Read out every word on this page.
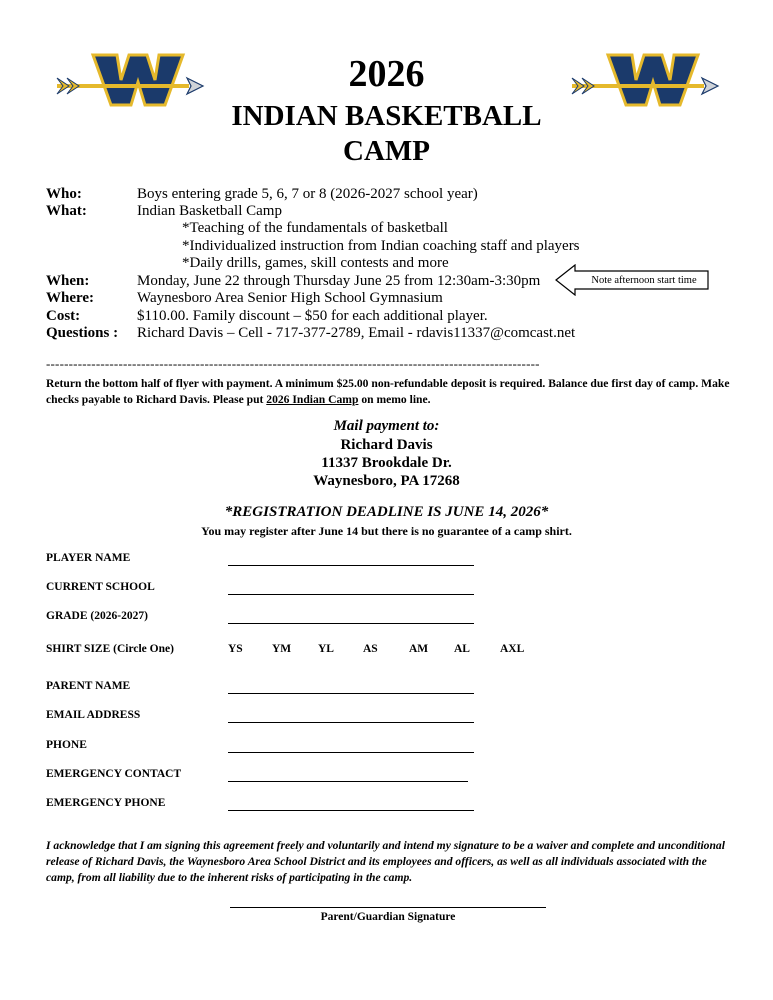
2026
INDIAN BASKETBALL
CAMP
Who:	Boys entering grade 5, 6, 7 or 8 (2026-2027 school year)
What:	Indian Basketball Camp
*Teaching of the fundamentals of basketball
*Individualized instruction from Indian coaching staff and players
*Daily drills, games, skill contests and more
When:	Monday, June 22 through Thursday June 25 from 12:30am-3:30pm
Where:	Waynesboro Area Senior High School Gymnasium
Cost:	$110.00. Family discount – $50 for each additional player.
Questions : Richard Davis – Cell - 717-377-2789, Email - rdavis11337@comcast.net
Note afternoon start time
-------------------------------------------------------------------------------------------------------------
Return the bottom half of flyer with payment. A minimum $25.00 non-refundable deposit is required. Balance due first day of camp. Make checks payable to Richard Davis. Please put 2026 Indian Camp on memo line.
Mail payment to:
Richard Davis
11337 Brookdale Dr.
Waynesboro, PA 17268
*REGISTRATION DEADLINE IS JUNE 14, 2026*
You may register after June 14 but there is no guarantee of a camp shirt.
PLAYER NAME
CURRENT SCHOOL
GRADE (2026-2027)
SHIRT SIZE (Circle One)	YS	YM YL	AS	AM AL	AXL
PARENT NAME
EMAIL ADDRESS
PHONE
EMERGENCY CONTACT
EMERGENCY PHONE
I acknowledge that I am signing this agreement freely and voluntarily and intend my signature to be a waiver and complete and unconditional release of Richard Davis, the Waynesboro Area School District and its employees and officers, as well as all individuals associated with the camp, from all liability due to the inherent risks of participating in the camp.
Parent/Guardian Signature
